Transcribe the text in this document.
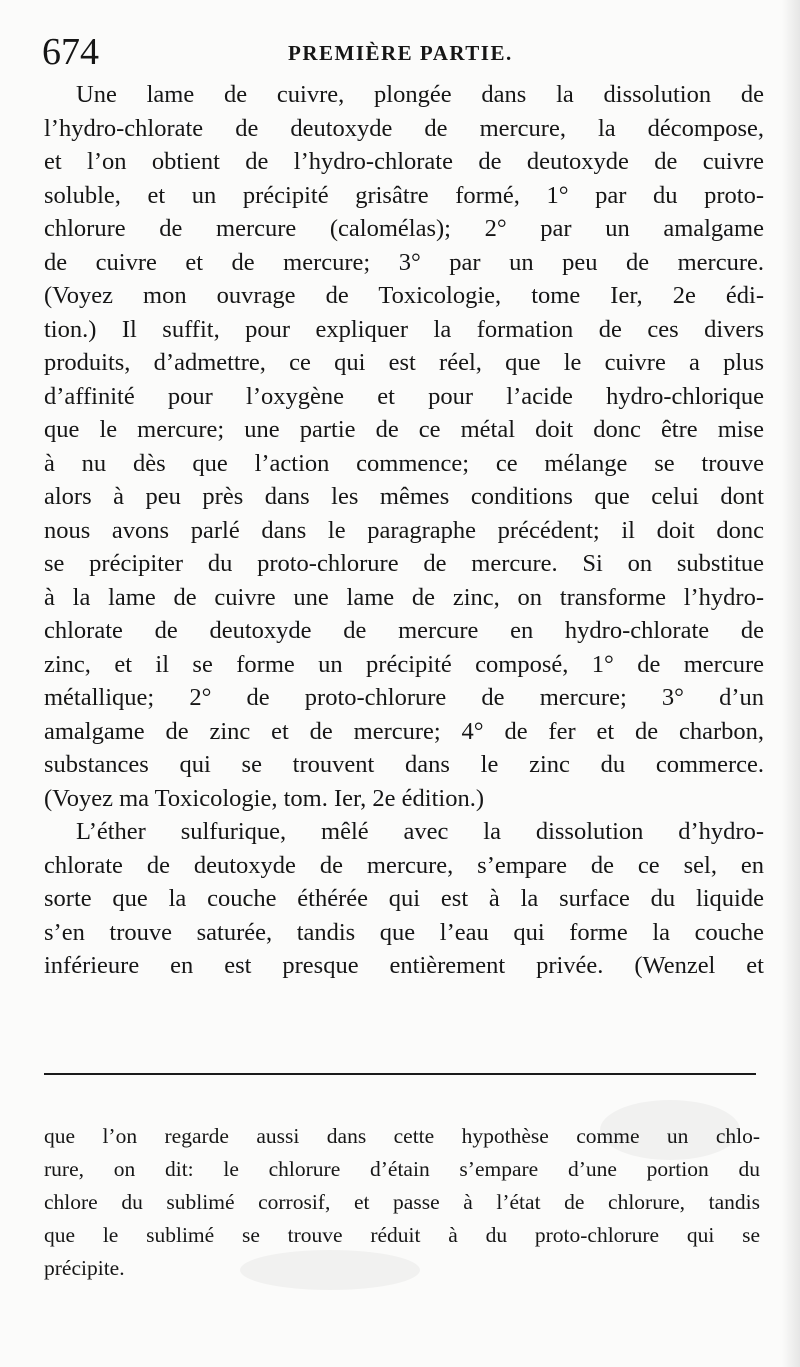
674	PREMIÈRE PARTIE.
Une lame de cuivre, plongée dans la dissolution de
l’hydro-chlorate de deutoxyde de mercure, la décompose,
et l’on obtient de l’hydro-chlorate de deutoxyde de cuivre
soluble, et un précipité grisâtre formé, 1° par du proto-
chlorure de mercure (calomélas); 2° par un amalgame
de cuivre et de mercure; 3° par un peu de mercure.
(Voyez mon ouvrage de Toxicologie, tome Ier, 2e édi-
tion.) Il suffit, pour expliquer la formation de ces divers
produits, d’admettre, ce qui est réel, que le cuivre a plus
d’affinité pour l’oxygène et pour l’acide hydro-chlorique
que le mercure; une partie de ce métal doit donc être mise
à nu dès que l’action commence; ce mélange se trouve
alors à peu près dans les mêmes conditions que celui dont
nous avons parlé dans le paragraphe précédent; il doit donc
se précipiter du proto-chlorure de mercure. Si on substitue
à la lame de cuivre une lame de zinc, on transforme l’hydro-
chlorate de deutoxyde de mercure en hydro-chlorate de
zinc, et il se forme un précipité composé, 1° de mercure
métallique; 2° de proto-chlorure de mercure; 3° d’un
amalgame de zinc et de mercure; 4° de fer et de charbon,
substances qui se trouvent dans le zinc du commerce.
(Voyez ma Toxicologie, tom. Ier, 2e édition.)
L’éther sulfurique, mêlé avec la dissolution d’hydro-
chlorate de deutoxyde de mercure, s’empare de ce sel, en
sorte que la couche éthérée qui est à la surface du liquide
s’en trouve saturée, tandis que l’eau qui forme la couche
inférieure en est presque entièrement privée. (Wenzel et
que l’on regarde aussi dans cette hypothèse comme un chlo-
rure, on dit: le chlorure d’étain s’empare d’une portion du
chlore du sublimé corrosif, et passe à l’état de chlorure, tandis
que le sublimé se trouve réduit à du proto-chlorure qui se
précipite.
